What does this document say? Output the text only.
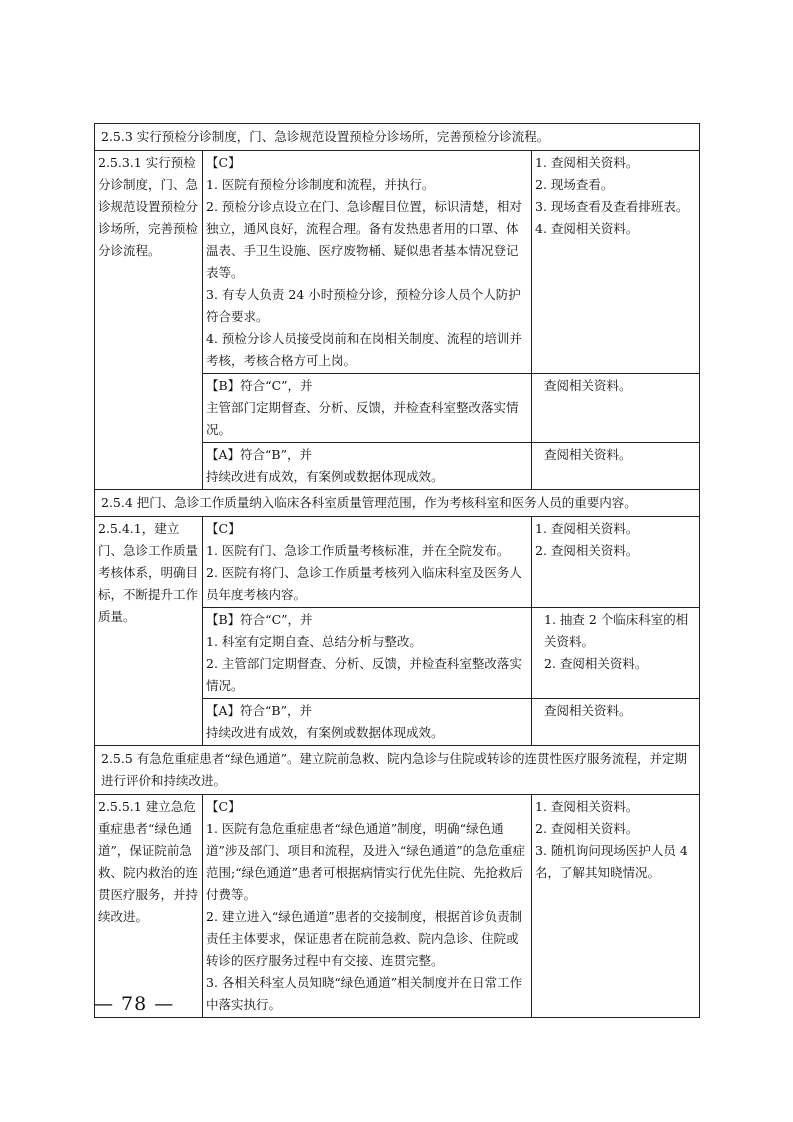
2.5.3 实行预检分诊制度，门、急诊规范设置预检分诊场所，完善预检分诊流程。		
2.5.3.1 实行预检分诊制度，门、急诊规范设置预检分诊场所，完善预检分诊流程。	【C】
1. 医院有预检分诊制度和流程，并执行。
2. 预检分诊点设立在门、急诊醒目位置，标识清楚，相对独立，通风良好，流程合理。备有发热患者用的口罩、体温表、手卫生设施、医疗废物桶、疑似患者基本情况登记表等。
3. 有专人负责 24 小时预检分诊，预检分诊人员个人防护符合要求。
4. 预检分诊人员接受岗前和在岗相关制度、流程的培训并考核，考核合格方可上岗。	1. 查阅相关资料。
2. 现场查看。
3. 现场查看及查看排班表。
4. 查阅相关资料。

	【B】符合“C”，并
主管部门定期督查、分析、反馈，并检查科室整改落实情况。	查阅相关资料。

	【A】符合“B”，并
持续改进有成效，有案例或数据体现成效。	查阅相关资料。

2.5.4 把门、急诊工作质量纳入临床各科室质量管理范围，作为考核科室和医务人员的重要内容。		
2.5.4.1，建立门、急诊工作质量考核体系，明确目标，不断提升工作质量。	【C】
1. 医院有门、急诊工作质量考核标准，并在全院发布。
2. 医院有将门、急诊工作质量考核列入临床科室及医务人员年度考核内容。	1. 查阅相关资料。
2. 查阅相关资料。

	【B】符合“C”，并
1. 科室有定期自查、总结分析与整改。
2. 主管部门定期督查、分析、反馈，并检查科室整改落实情况。	1. 抽查 2 个临床科室的相关资料。
2. 查阅相关资料。

	【A】符合“B”，并
持续改进有成效，有案例或数据体现成效。	查阅相关资料。

2.5.5 有急危重症患者“绿色通道”。建立院前急救、院内急诊与住院或转诊的连贯性医疗服务流程，并定期进行评价和持续改进。		
2.5.5.1 建立急危重症患者“绿色通道”，保证院前急救、院内救治的连贯医疗服务，并持续改进。	【C】
1. 医院有急危重症患者“绿色通道”制度，明确“绿色通道”涉及部门、项目和流程，及进入“绿色通道”的急危重症范围;“绿色通道”患者可根据病情实行优先住院、先抢救后付费等。
2. 建立进入“绿色通道”患者的交接制度，根据首诊负责制责任主体要求，保证患者在院前急救、院内急诊、住院或转诊的医疗服务过程中有交接、连贯完整。
3. 各相关科室人员知晓“绿色通道”相关制度并在日常工作中落实执行。	1. 查阅相关资料。
2. 查阅相关资料。
3. 随机询问现场医护人员 4 名，了解其知晓情况。
— 78 —
